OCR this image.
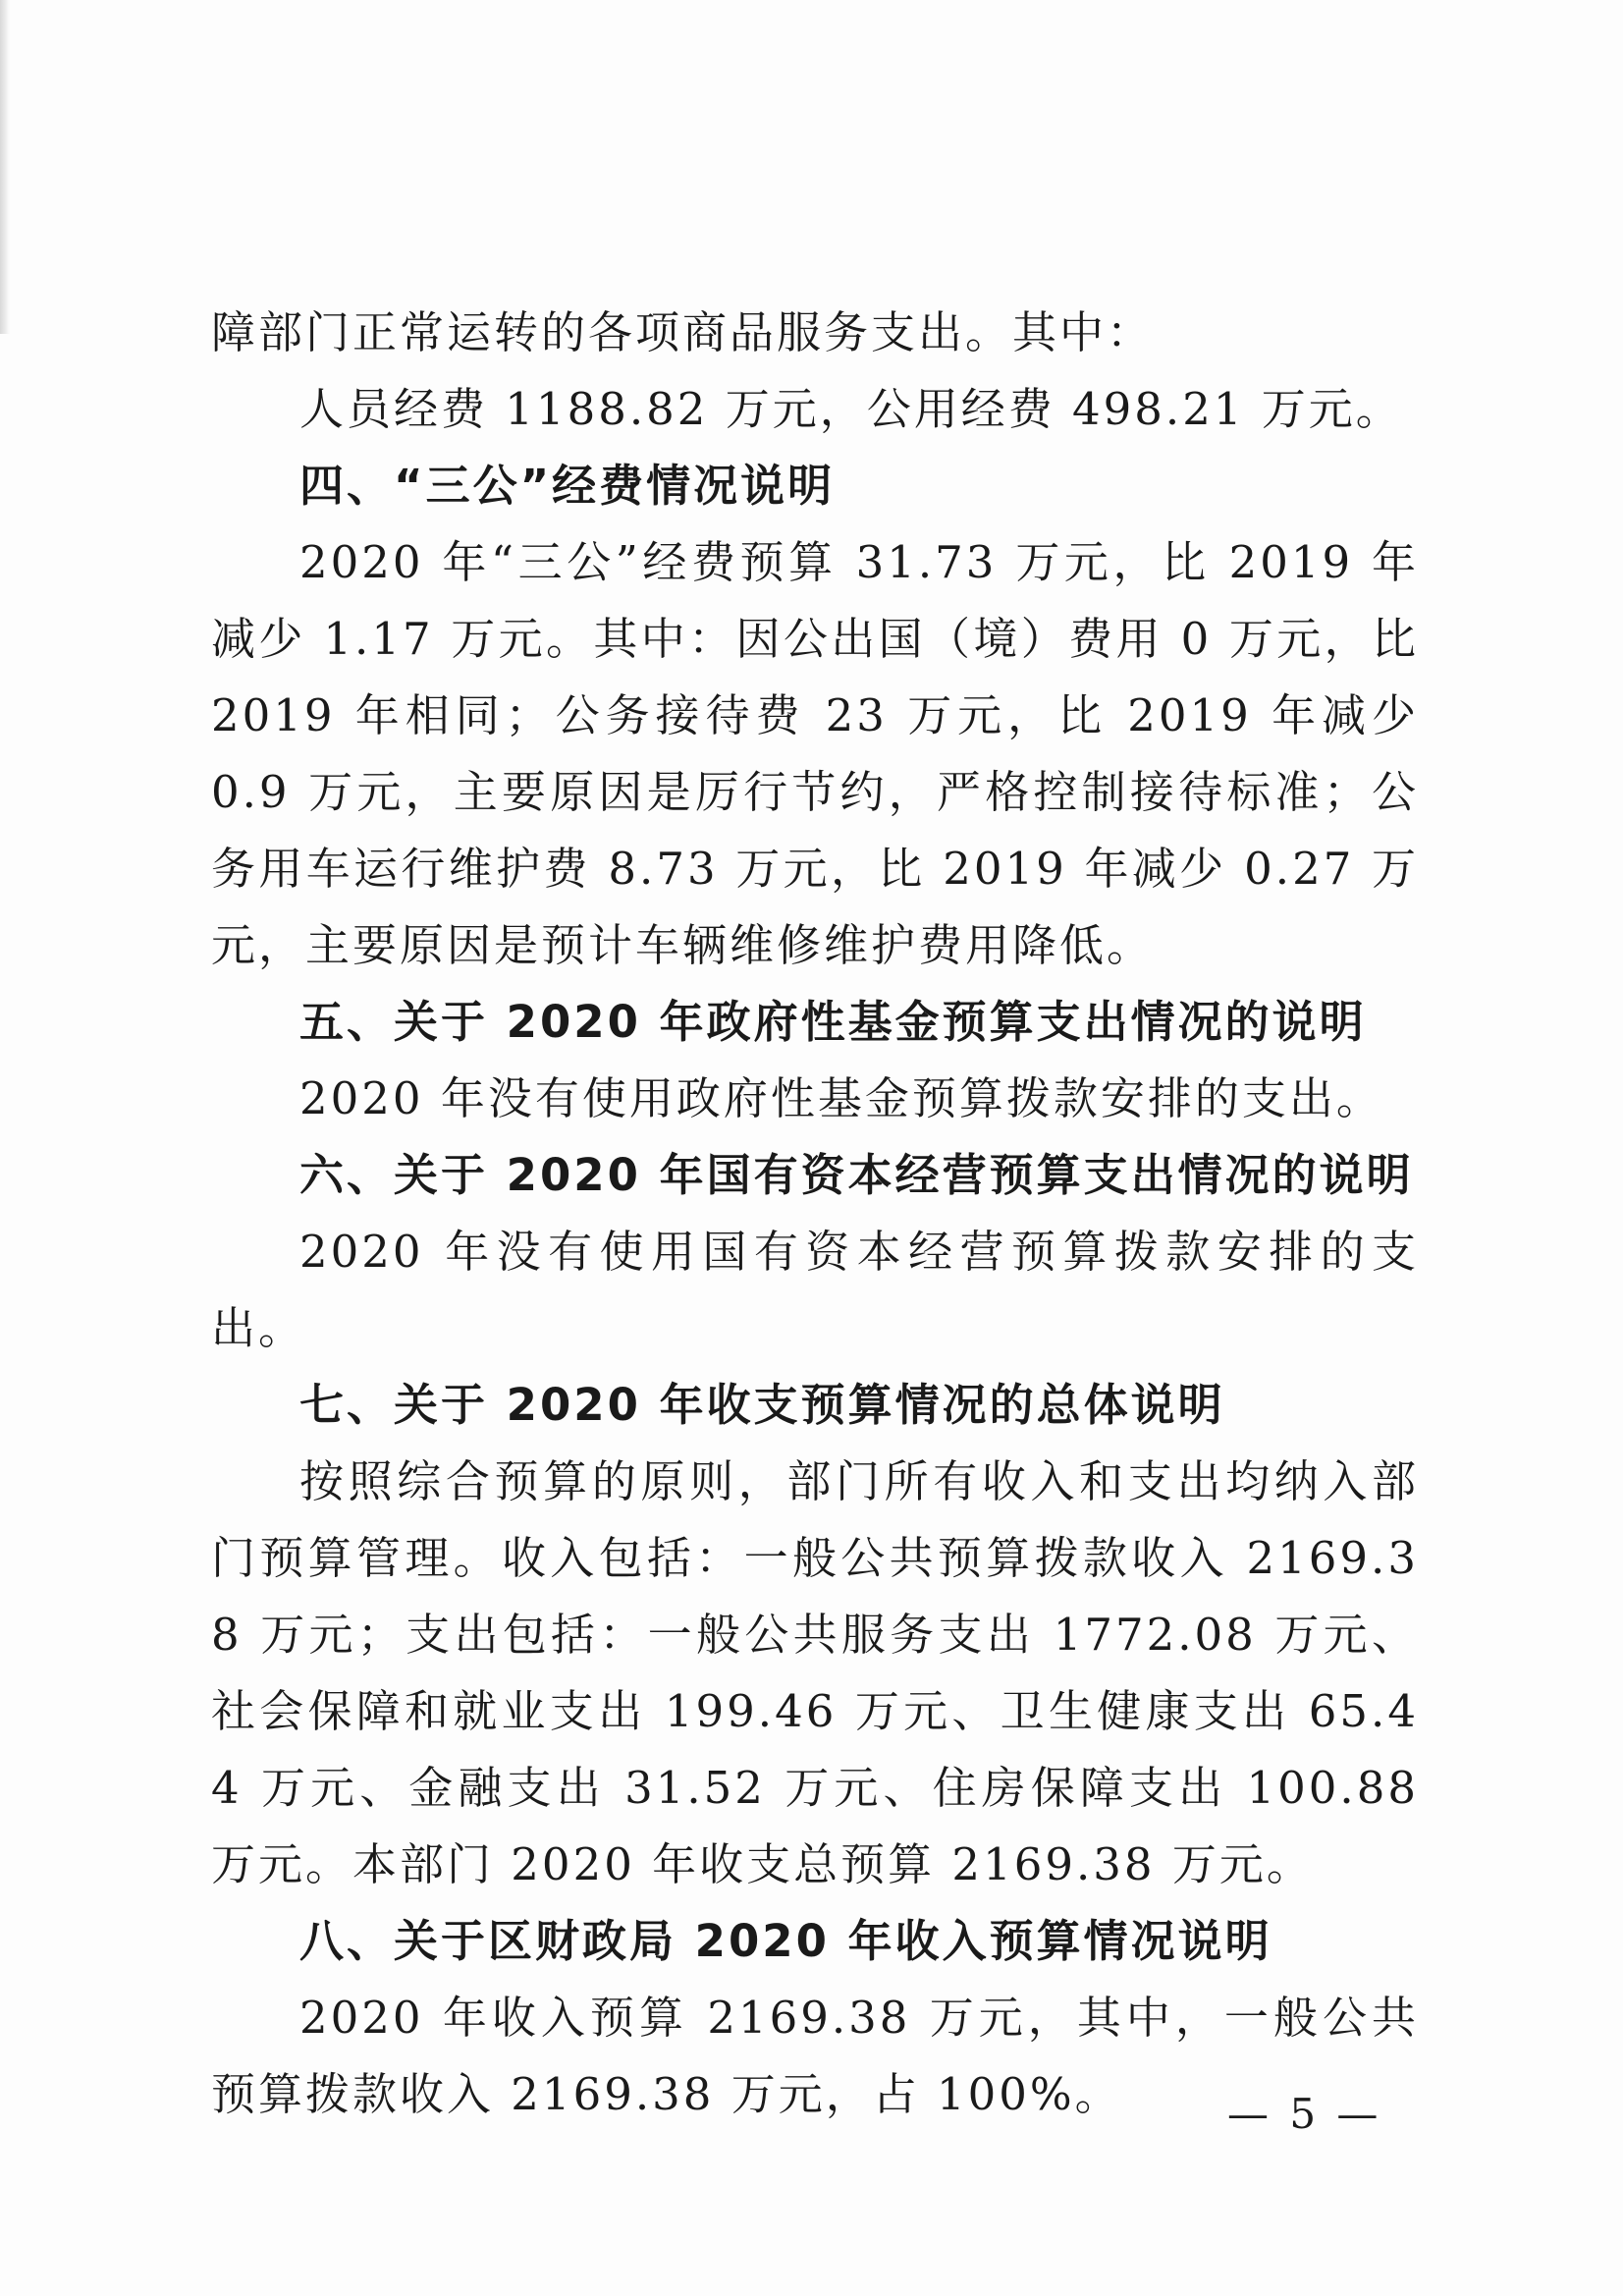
障部门正常运转的各项商品服务支出。其中：

人员经费 1188.82 万元，公用经费 498.21 万元。

四、“三公”经费情况说明

2020 年“三公”经费预算 31.73 万元，比 2019 年减少 1.17 万元。其中：因公出国（境）费用 0 万元，比 2019 年相同；公务接待费 23 万元，比 2019 年减少 0.9 万元，主要原因是厉行节约，严格控制接待标准；公务用车运行维护费 8.73 万元，比 2019 年减少 0.27 万元，主要原因是预计车辆维修维护费用降低。

五、关于 2020 年政府性基金预算支出情况的说明

2020 年没有使用政府性基金预算拨款安排的支出。

六、关于 2020 年国有资本经营预算支出情况的说明

2020 年没有使用国有资本经营预算拨款安排的支出。

七、关于 2020 年收支预算情况的总体说明

按照综合预算的原则，部门所有收入和支出均纳入部门预算管理。收入包括：一般公共预算拨款收入 2169.38 万元；支出包括：一般公共服务支出 1772.08 万元、社会保障和就业支出 199.46 万元、卫生健康支出 65.44 万元、金融支出 31.52 万元、住房保障支出 100.88 万元。本部门 2020 年收支总预算 2169.38 万元。

八、关于区财政局 2020 年收入预算情况说明

2020 年收入预算 2169.38 万元，其中，一般公共预算拨款收入 2169.38 万元，占 100%。	— 5 —
